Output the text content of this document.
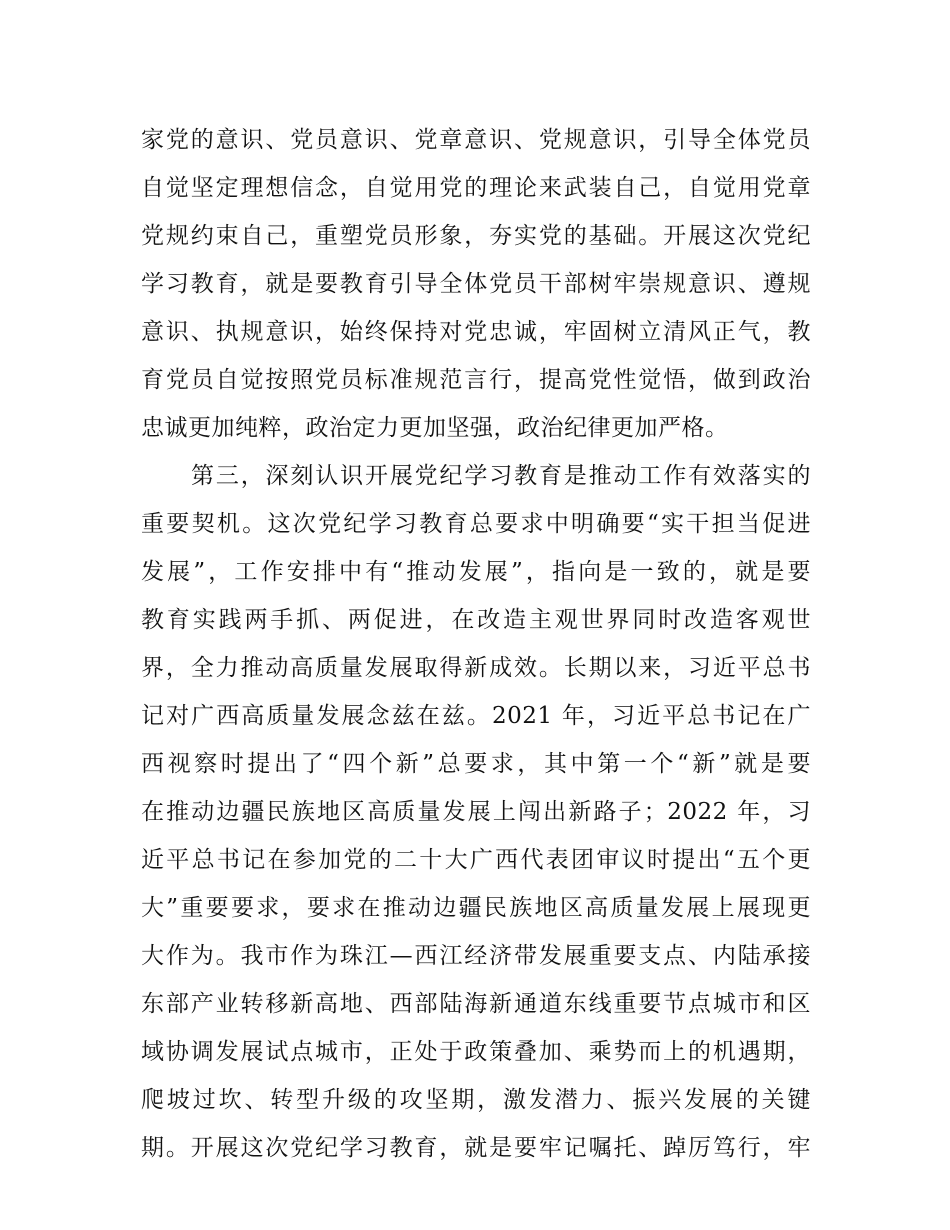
家党的意识、党员意识、党章意识、党规意识，引导全体党员
自觉坚定理想信念，自觉用党的理论来武装自己，自觉用党章
党规约束自己，重塑党员形象，夯实党的基础。开展这次党纪
学习教育，就是要教育引导全体党员干部树牢崇规意识、遵规
意识、执规意识，始终保持对党忠诚，牢固树立清风正气，教
育党员自觉按照党员标准规范言行，提高党性觉悟，做到政治
忠诚更加纯粹，政治定力更加坚强，政治纪律更加严格。
第三，深刻认识开展党纪学习教育是推动工作有效落实的
重要契机。这次党纪学习教育总要求中明确要“实干担当促进
发展”，工作安排中有“推动发展”，指向是一致的，就是要
教育实践两手抓、两促进，在改造主观世界同时改造客观世
界，全力推动高质量发展取得新成效。长期以来，习近平总书
记对广西高质量发展念兹在兹。2021 年，习近平总书记在广
西视察时提出了“四个新”总要求，其中第一个“新”就是要
在推动边疆民族地区高质量发展上闯出新路子；2022 年，习
近平总书记在参加党的二十大广西代表团审议时提出“五个更
大”重要要求，要求在推动边疆民族地区高质量发展上展现更
大作为。我市作为珠江—西江经济带发展重要支点、内陆承接
东部产业转移新高地、西部陆海新通道东线重要节点城市和区
域协调发展试点城市，正处于政策叠加、乘势而上的机遇期，
爬坡过坎、转型升级的攻坚期，激发潜力、振兴发展的关键
期。开展这次党纪学习教育，就是要牢记嘱托、踔厉笃行，牢
